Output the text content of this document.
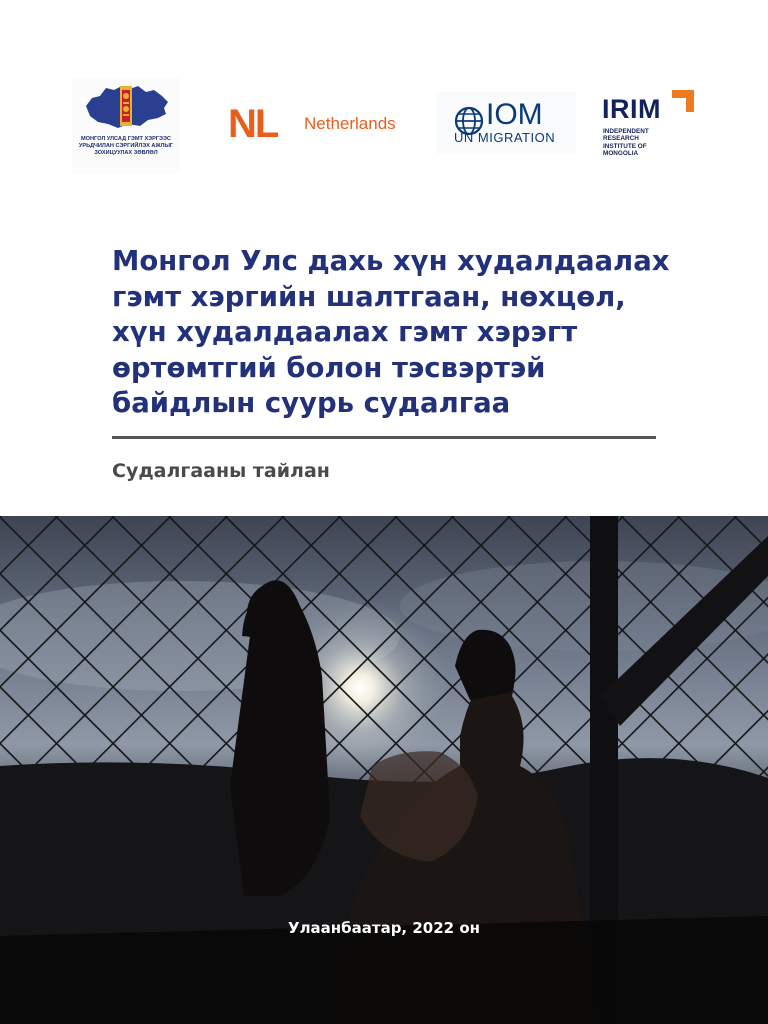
МОНГОЛ УЛСАД ГЭМТ ХЭРГЭЭС УРЬДЧИЛАН СЭРГИЙЛЭХ АЖЛЫГ ЗОХИЦУУЛАХ ЗӨВЛӨЛ
NL Netherlands	IOM
UN MIGRATION
IRIM
INDEPENDENT
RESEARCH
INSTITUTE OF
MONGOLIA
Монгол Улс дахь хүн худалдаалах гэмт хэргийн шалтгаан, нөхцөл, хүн худалдаалах гэмт хэрэгт өртөмтгий болон тэсвэртэй байдлын суурь судалгаа
Судалгааны тайлан
Улаанбаатар, 2022 он
